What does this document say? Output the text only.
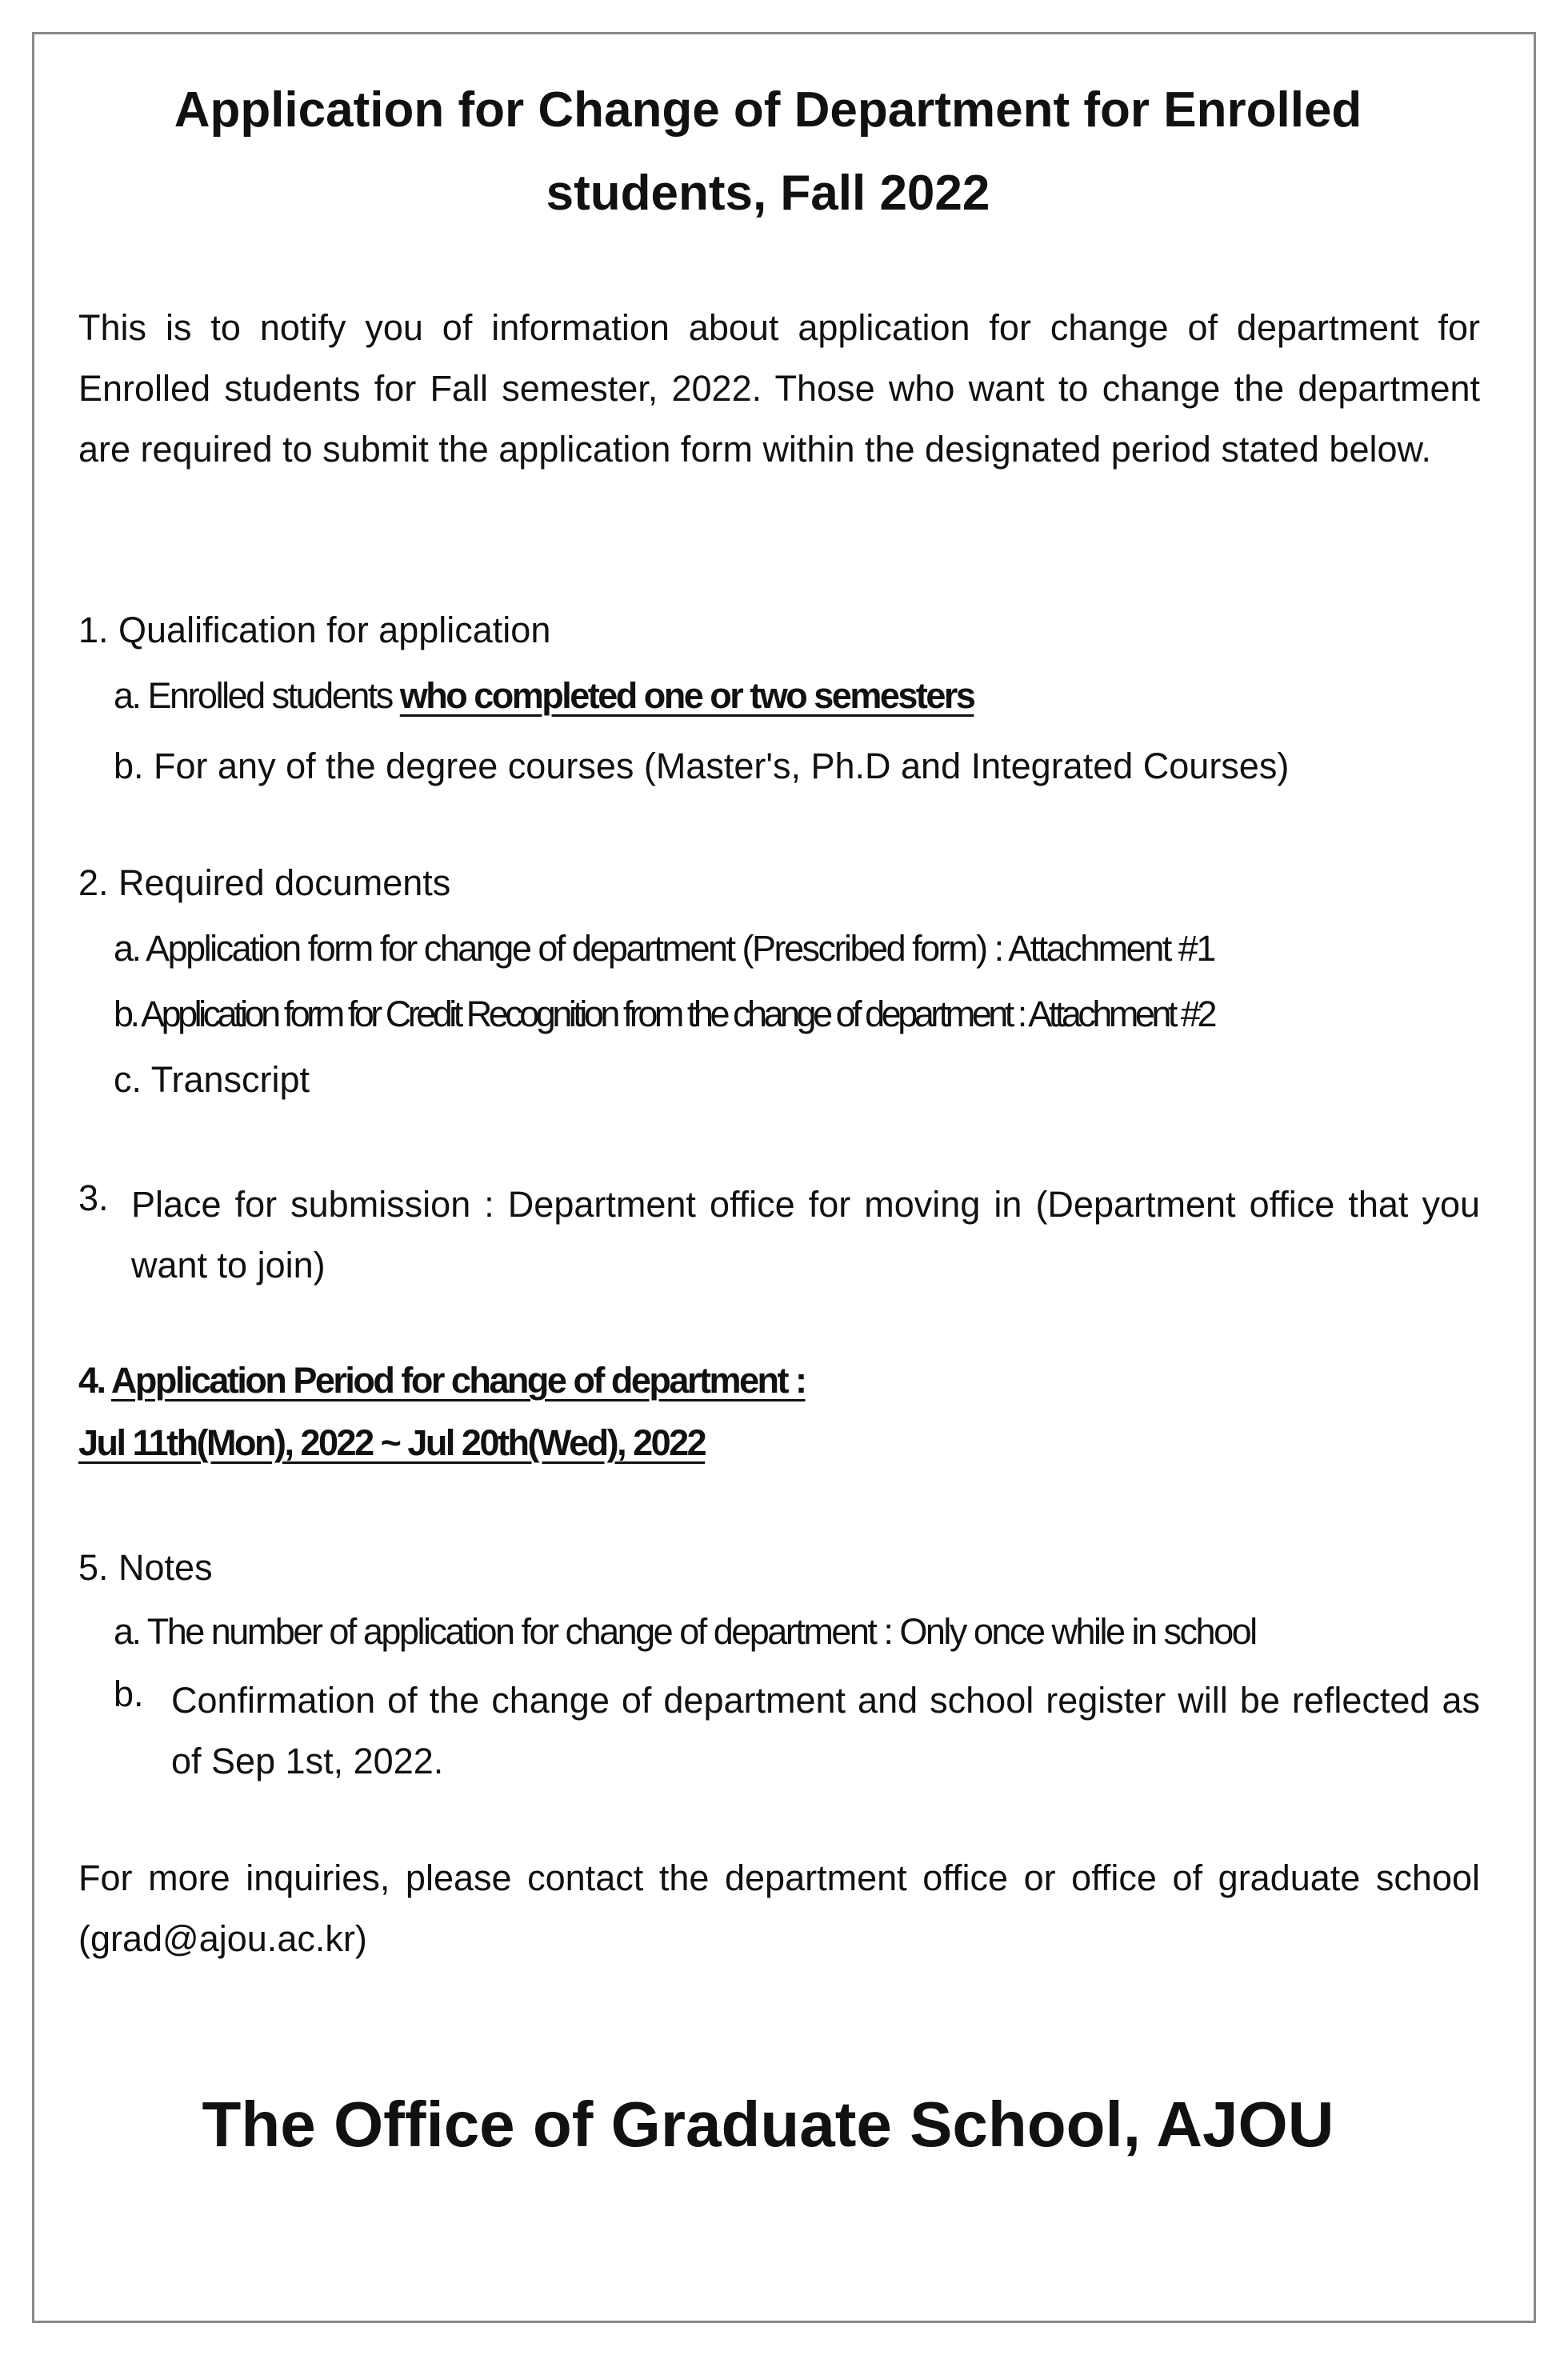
Application for Change of Department for Enrolled
students, Fall 2022

This is to notify you of information about application for change of department for Enrolled students for Fall semester, 2022. Those who want to change the department are required to submit the application form within the designated period stated below.

1. Qualification for application
a. Enrolled students who completed one or two semesters
b. For any of the degree courses (Master's, Ph.D and Integrated Courses)
2. Required documents
a. Application form for change of department (Prescribed form) : Attachment #1
b. Application form for Credit Recognition from the change of department : Attachment #2
c. Transcript
3. Place for submission : Department office for moving in (Department office that you want to join)

4. Application Period for change of department :
Jul 11th(Mon), 2022 ~ Jul 20th(Wed), 2022
5. Notes
a. The number of application for change of department : Only once while in school
b. Confirmation of the change of department and school register will be reflected as of Sep 1st, 2022.

For more inquiries, please contact the department office or office of graduate school (grad@ajou.ac.kr)

The Office of Graduate School, AJOU
